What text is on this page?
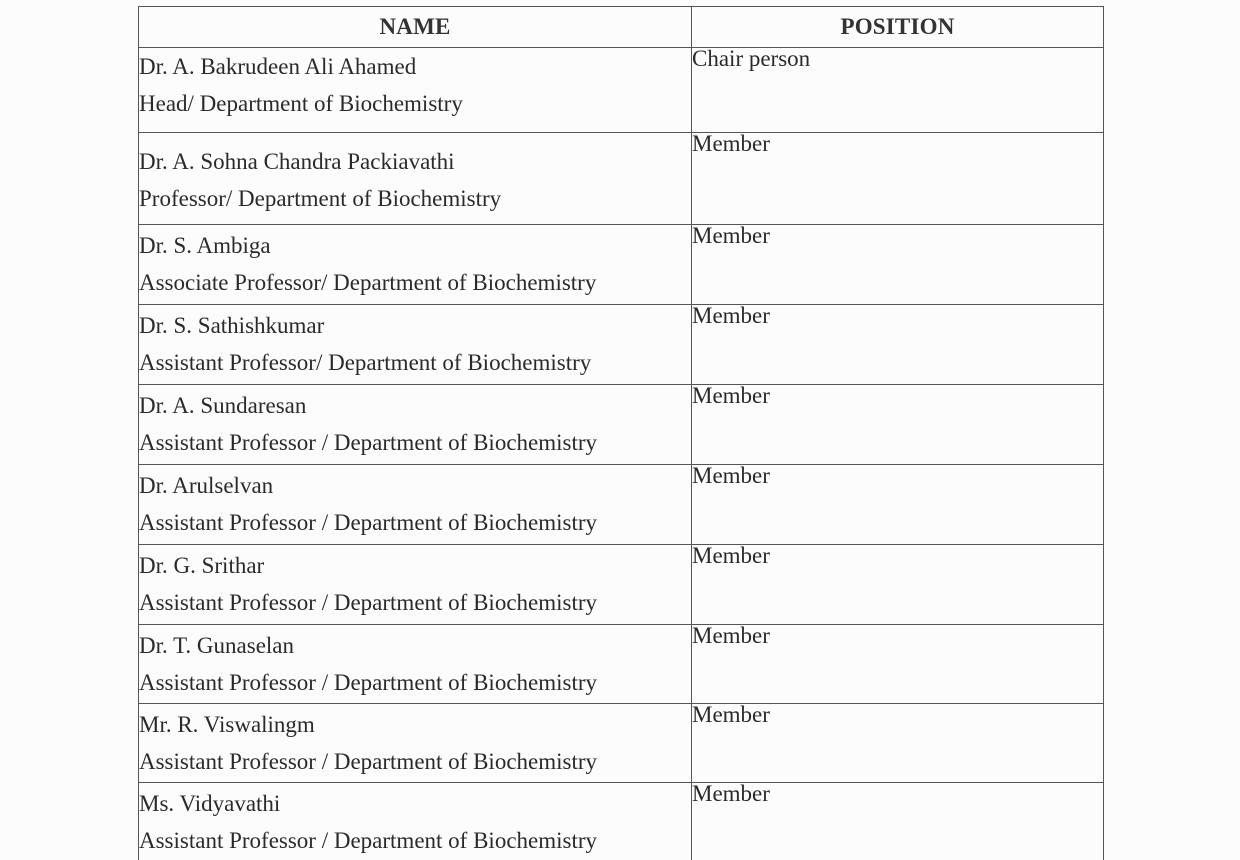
NAME	POSITION

Dr. A. Bakrudeen Ali Ahamed
Head/ Department of Biochemistry	Chair person

Dr. A. Sohna Chandra Packiavathi
Professor/ Department of Biochemistry	Member

Dr. S. Ambiga
Associate Professor/ Department of Biochemistry	Member

Dr. S. Sathishkumar
Assistant Professor/ Department of Biochemistry	Member

Dr. A. Sundaresan
Assistant Professor / Department of Biochemistry	Member

Dr. Arulselvan
Assistant Professor / Department of Biochemistry	Member

Dr. G. Srithar
Assistant Professor / Department of Biochemistry	Member

Dr. T. Gunaselan
Assistant Professor / Department of Biochemistry	Member

Mr. R. Viswalingm
Assistant Professor / Department of Biochemistry	Member

Ms. Vidyavathi
Assistant Professor / Department of Biochemistry	Member
